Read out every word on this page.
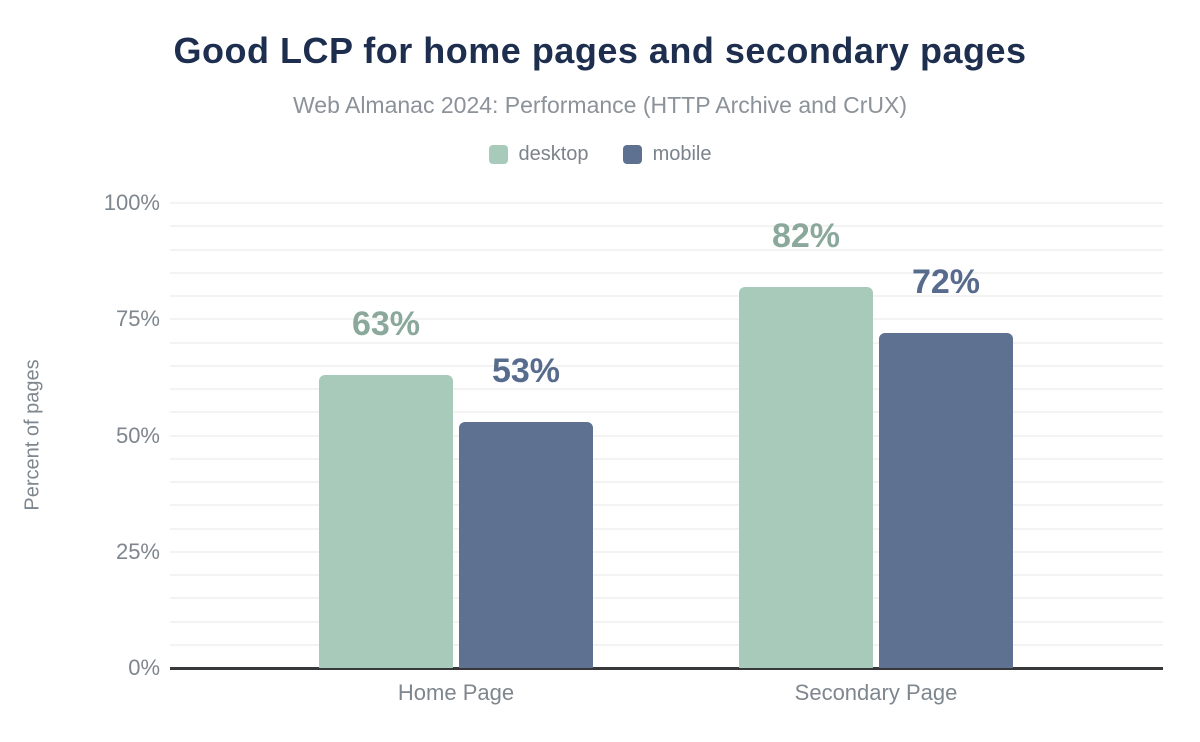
Good LCP for home pages and secondary pages
Web Almanac 2024: Performance (HTTP Archive and CrUX)
desktop	mobile
Percent of pages
0%
25%
50%
75%
100%
63%
53%
Home Page
82%
72%
Secondary Page
